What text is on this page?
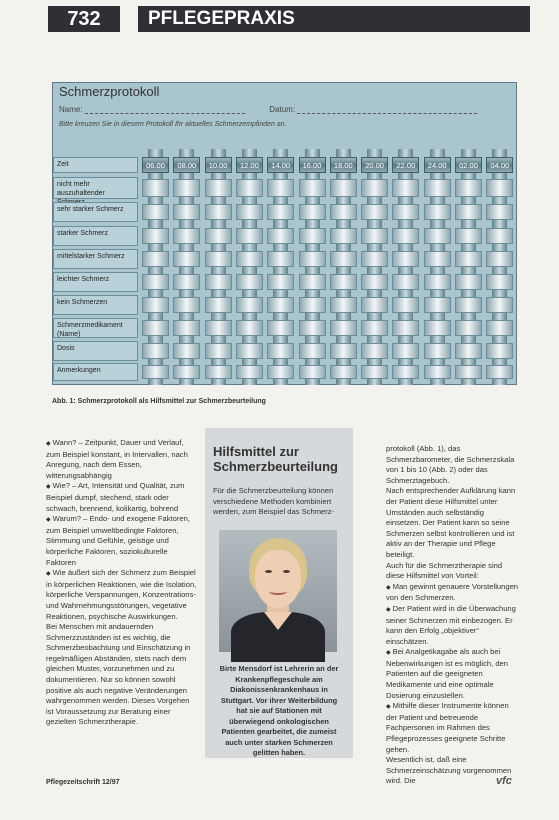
732	PFLEGEPRAXIS
Schmerzprotokoll
Name:	Datum:
Bitte kreuzen Sie in diesem Protokoll Ihr aktuelles Schmerzempfinden an.
Zeit	06.00	08.00	10.00	12.00	14.00	16.00	18.00	20.00	22.00	24.00	02.00	04.00
nicht mehr auszuhaltender
sehr starker Schmerz
starker Schmerz
mittelstarker Schmerz
leichter Schmerz
kein Schmerzen
Schmerzmedikament (Name)
Dosis
Anmerkungen
Abb. 1: Schmerzprotokoll als Hilfsmittel zur Schmerzbeurteilung

◆ Wann? – Zeitpunkt, Dauer und Verlauf, zum Beispiel konstant, in Intervallen, nach Anregung, nach dem Essen, witterungsabhängig

◆ Wie? – Art, Intensität und Qualität, zum Beispiel dumpf, stechend, stark oder schwach, brennend, kolikartig, bohrend

◆ Warum? – Endo- und exogene Faktoren, zum Beispiel umweltbedingte Faktoren, Stimmung und Gefühle, geistige und körperliche Faktoren, soziokulturelle Faktoren

◆ Wie äußert sich der Schmerz zum Beispiel in körperlichen Reaktionen, wie die Isolation, körperliche Verspannungen, Konzentrations- und Wahrnehmungsstörungen, vegetative Reaktionen, psychische Auswirkungen.

Bei Menschen mit andauernden Schmerzzuständen ist es wichtig, die Schmerzbeobachtung und Einschätzung in regelmäßigen Abständen, stets nach dem gleichen Muster, vorzunehmen und zu dokumentieren. Nur so können sowohl positive als auch negative Veränderungen wahrgenommen werden. Dieses Vorgehen ist Voraussetzung zur Beratung einer gezielten Schmerztherapie.

Hilfsmittel zur Schmerzbeurteilung
Für die Schmerzbeurteilung können verschiedene Methoden kombiniert werden, zum Beispiel das Schmerz-
Birte Mensdorf ist Lehrerin an der Krankenpflegeschule am Diakonissenkrankenhaus in Stuttgart. Vor ihrer Weiterbildung hat sie auf Stationen mit überwiegend onkologischen Patienten gearbeitet, die zumeist auch unter starken Schmerzen gelitten haben.

protokoll (Abb. 1), das Schmerzbarometer, die Schmerzskala von 1 bis 10 (Abb. 2) oder das Schmerztagebuch.

Nach entsprechender Aufklärung kann der Patient diese Hilfsmittel unter Umständen auch selbständig einsetzen. Der Patient kann so seine Schmerzen selbst kontrollieren und ist aktiv an der Therapie und Pflege beteiligt.

Auch für die Schmerztherapie sind diese Hilfsmittel von Vorteil:

◆ Man gewinnt genauere Vorstellungen von den Schmerzen.

◆ Der Patient wird in die Überwachung seiner Schmerzen mit einbezogen. Er kann den Erfolg „objektiver“ einschätzen.

◆ Bei Analgetikagabe als auch bei Nebenwirkungen ist es möglich, den Patienten auf die geeigneten Medikamente und eine optimale Dosierung einzustellen.

◆ Mithilfe dieser Instrumente können der Patient und betreuende Fachpersonen im Rahmen des Pflegeprozesses geeignete Schritte gehen.

Wesentlich ist, daß eine Schmerzeinschätzung vorgenommen wird. Die

Pflegezeitschrift 12/97	vfc
